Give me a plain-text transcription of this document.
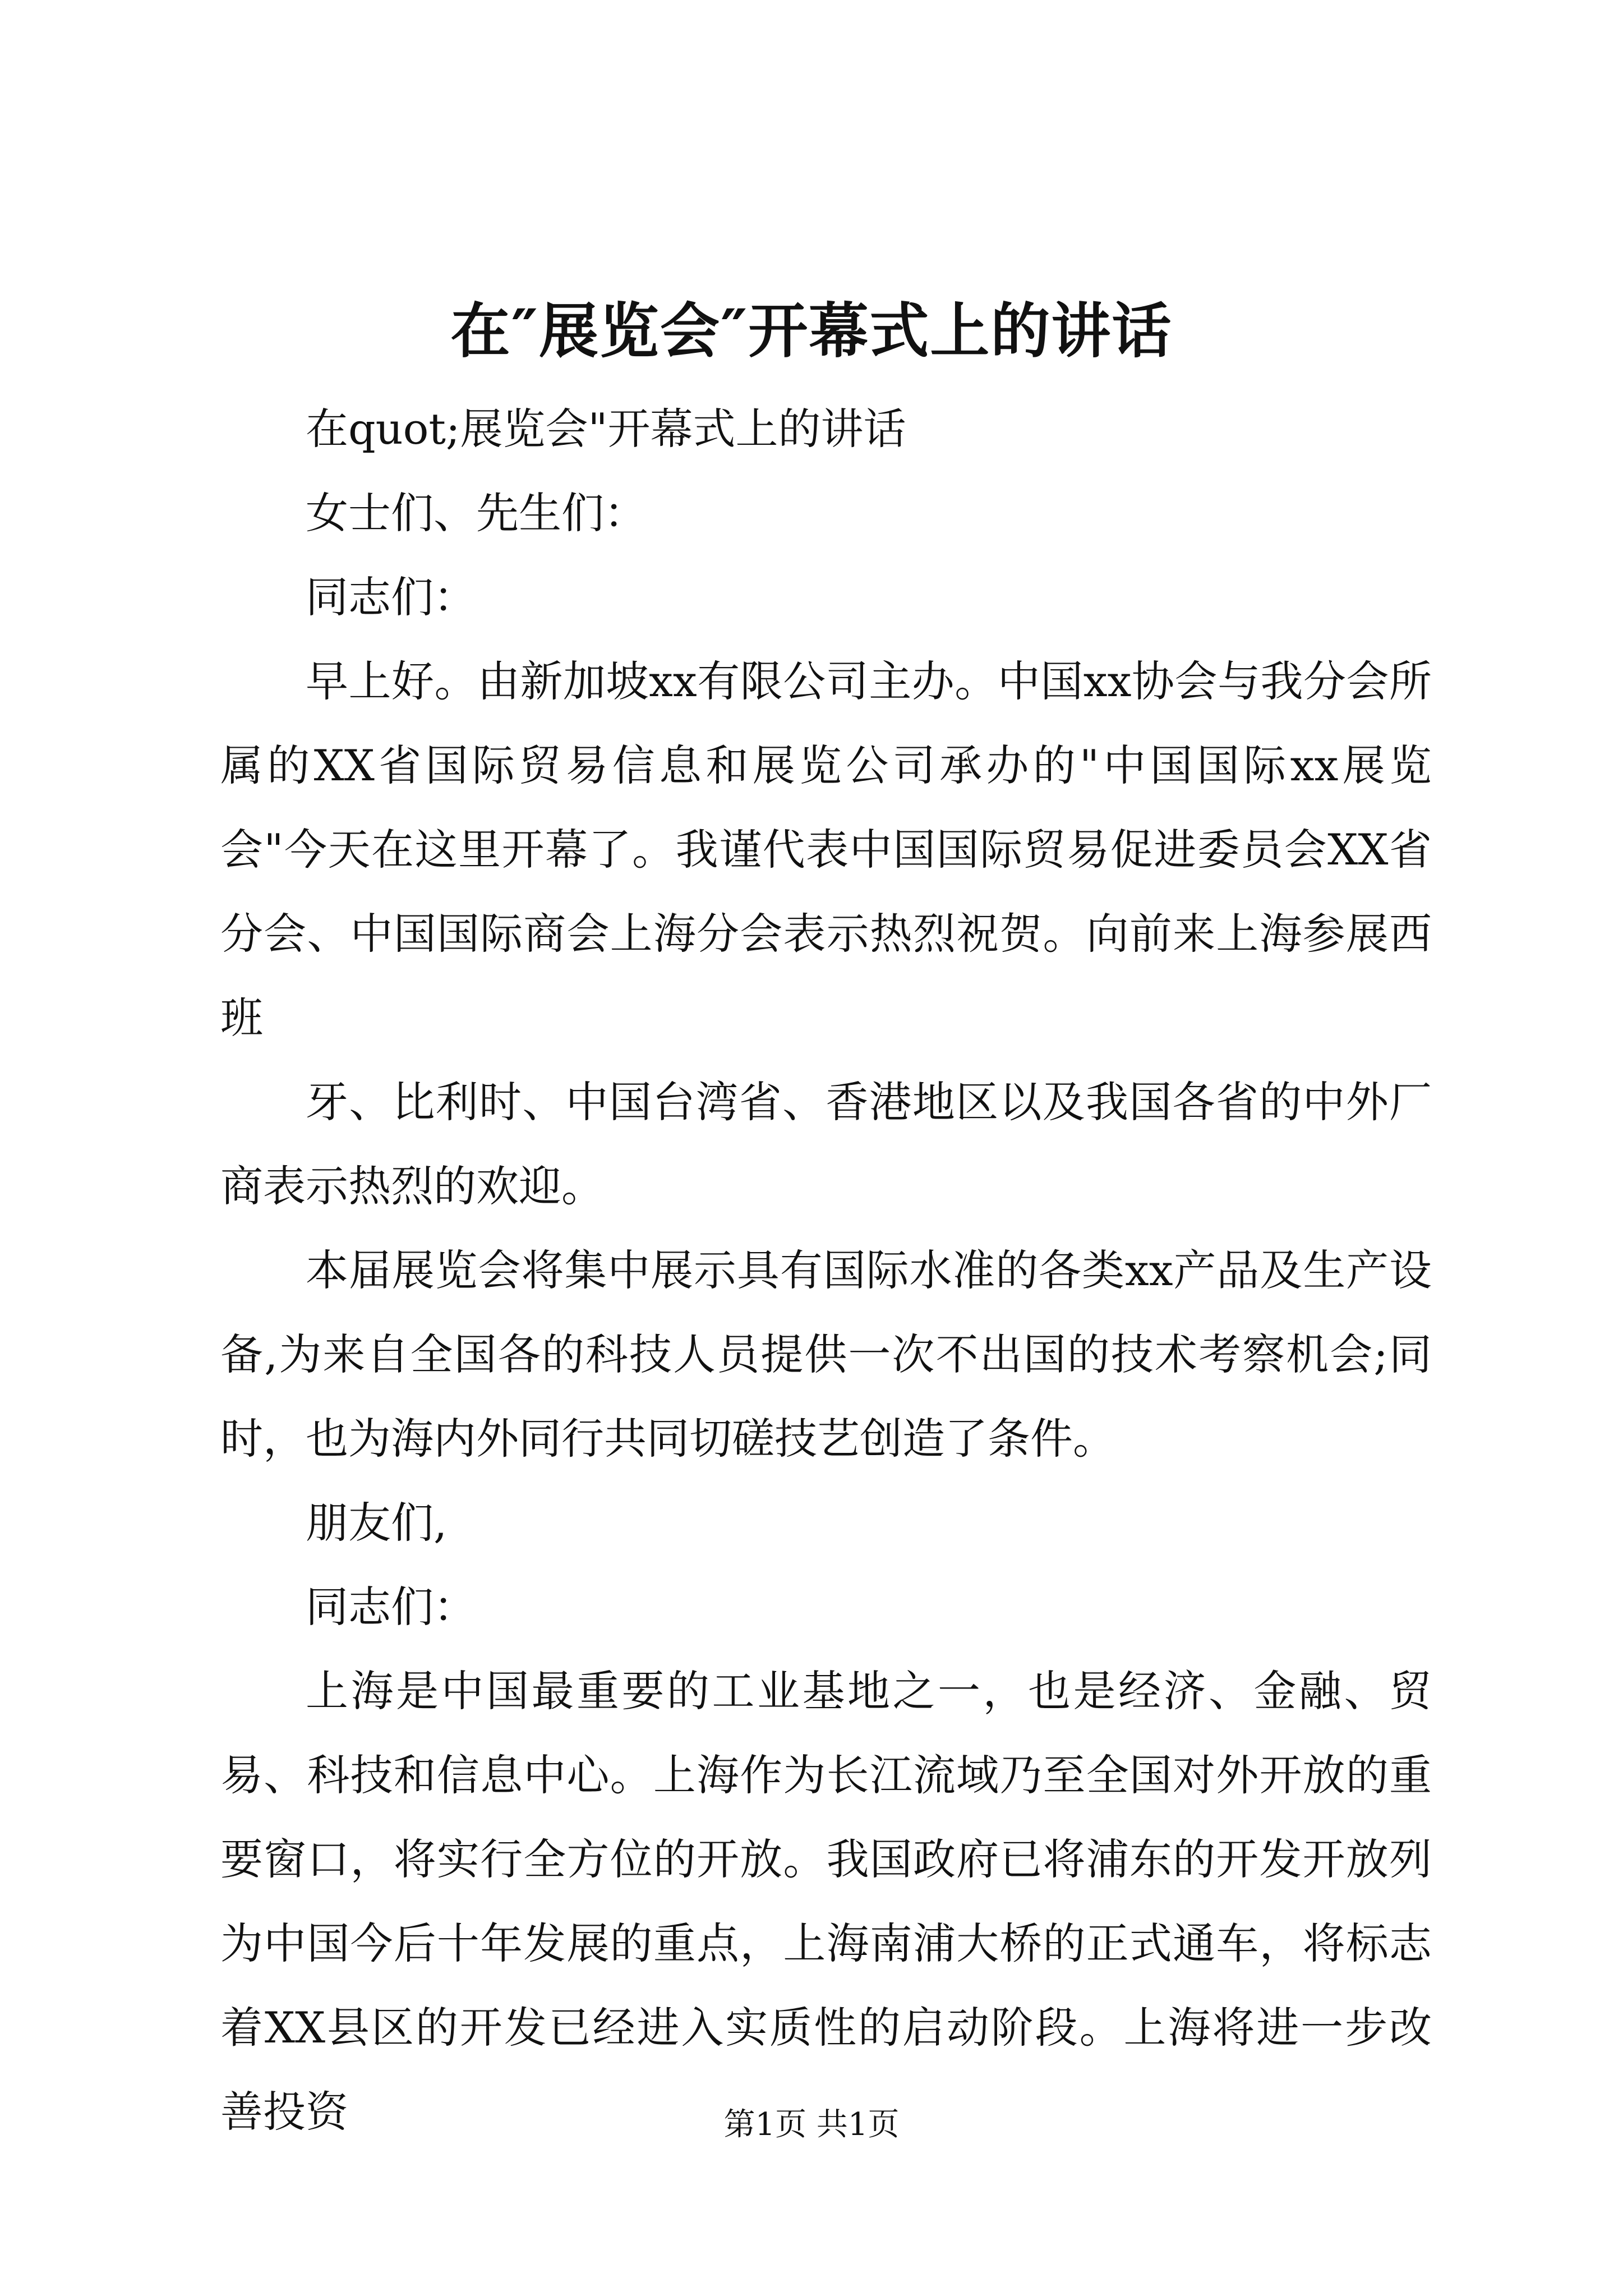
在″展览会″开幕式上的讲话

在quot;展览会"开幕式上的讲话

女士们、先生们：

同志们：

早上好。由新加坡xx有限公司主办。中国xx协会与我分会所属的XX省国际贸易信息和展览公司承办的"中国国际xx展览会"今天在这里开幕了。我谨代表中国国际贸易促进委员会XX省分会、中国国际商会上海分会表示热烈祝贺。向前来上海参展西班

牙、比利时、中国台湾省、香港地区以及我国各省的中外厂商表示热烈的欢迎。

本届展览会将集中展示具有国际水准的各类xx产品及生产设备,为来自全国各的科技人员提供一次不出国的技术考察机会;同时，也为海内外同行共同切磋技艺创造了条件。

朋友们,

同志们：

上海是中国最重要的工业基地之一，也是经济、金融、贸易、科技和信息中心。上海作为长江流域乃至全国对外开放的重要窗口，将实行全方位的开放。我国政府已将浦东的开发开放列为中国今后十年发展的重点，上海南浦大桥的正式通车，将标志着XX县区的开发已经进入实质性的启动阶段。上海将进一步改善投资	第1页 共1页
